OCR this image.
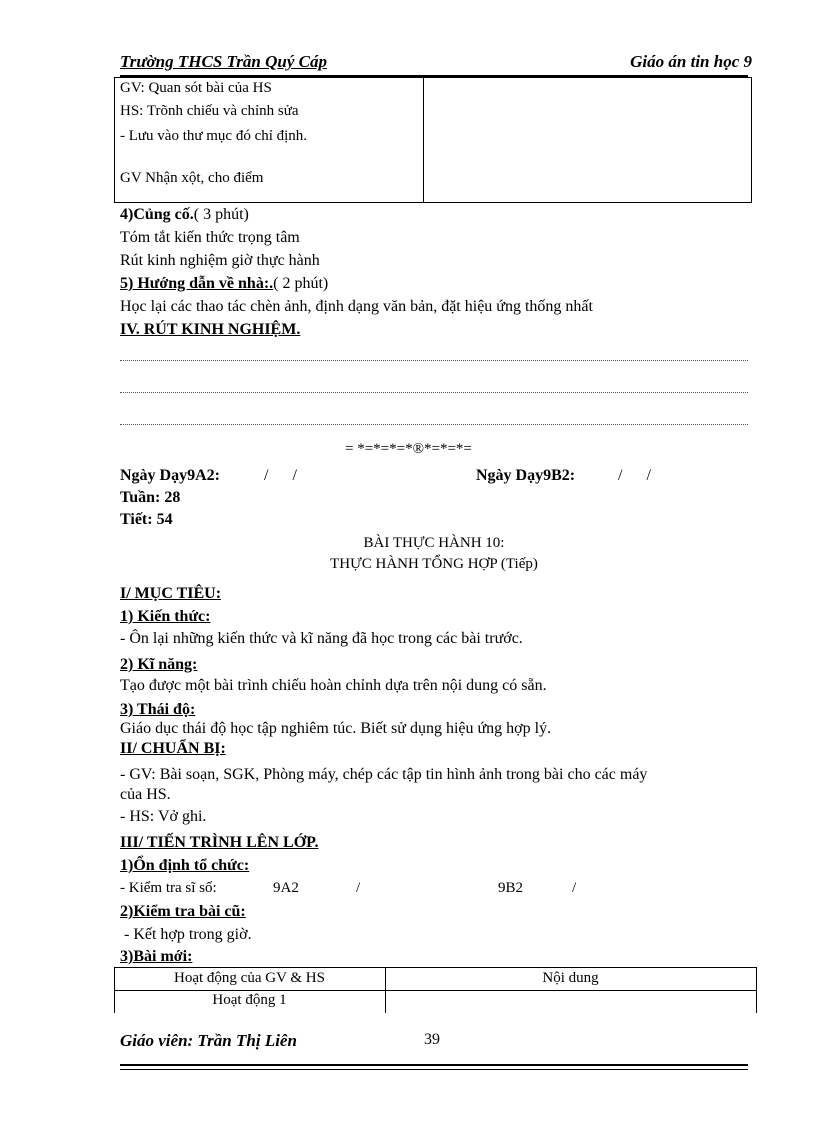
Trường THCS Trần Quý Cáp	Giáo án tin học 9
GV: Quan sót bài của HS
HS: Trõnh chiếu và chỉnh sửa
- Lưu vào thư mục đó chỉ định.
GV Nhận xột, cho điểm
4)Củng cố.( 3 phút)
Tóm tắt kiến thức trọng tâm
Rút kinh nghiệm giờ thực hành
5) Hướng dẫn về nhà:.( 2 phút)
Học lại các thao tác chèn ảnh, định dạng văn bản, đặt hiệu ứng thống nhất
IV. RÚT KINH NGHIỆM.
= *=*=*=*®*=*=*=
Ngày Dạy9A2:	/ /	Ngày Dạy9B2:	/ /
Tuần: 28
Tiết: 54
BÀI THỰC HÀNH 10:
THỰC HÀNH TỔNG HỢP (Tiếp)
I/ MỤC TIÊU:
1) Kiến thức:
- Ôn lại những kiến thức và kĩ năng đã học trong các bài trước.
2) Kĩ năng:
Tạo được một bài trình chiếu hoàn chỉnh dựa trên nội dung có sẵn.
3) Thái độ:
Giáo dục thái độ học tập nghiêm túc. Biết sử dụng hiệu ứng hợp lý.
II/ CHUẨN BỊ:
- GV: Bài soạn, SGK, Phòng máy, chép các tập tin hình ảnh trong bài cho các máy
của HS.
- HS: Vở ghi.
III/ TIẾN TRÌNH LÊN LỚP.
1)Ổn định tổ chức:
- Kiểm tra sĩ số:	9A2	/	9B2	/
2)Kiểm tra bài cũ:
- Kết hợp trong giờ.
3)Bài mới:
Hoạt động của GV & HS	Nội dung
Hoạt động 1
Giáo viên: Trần Thị Liên	39
